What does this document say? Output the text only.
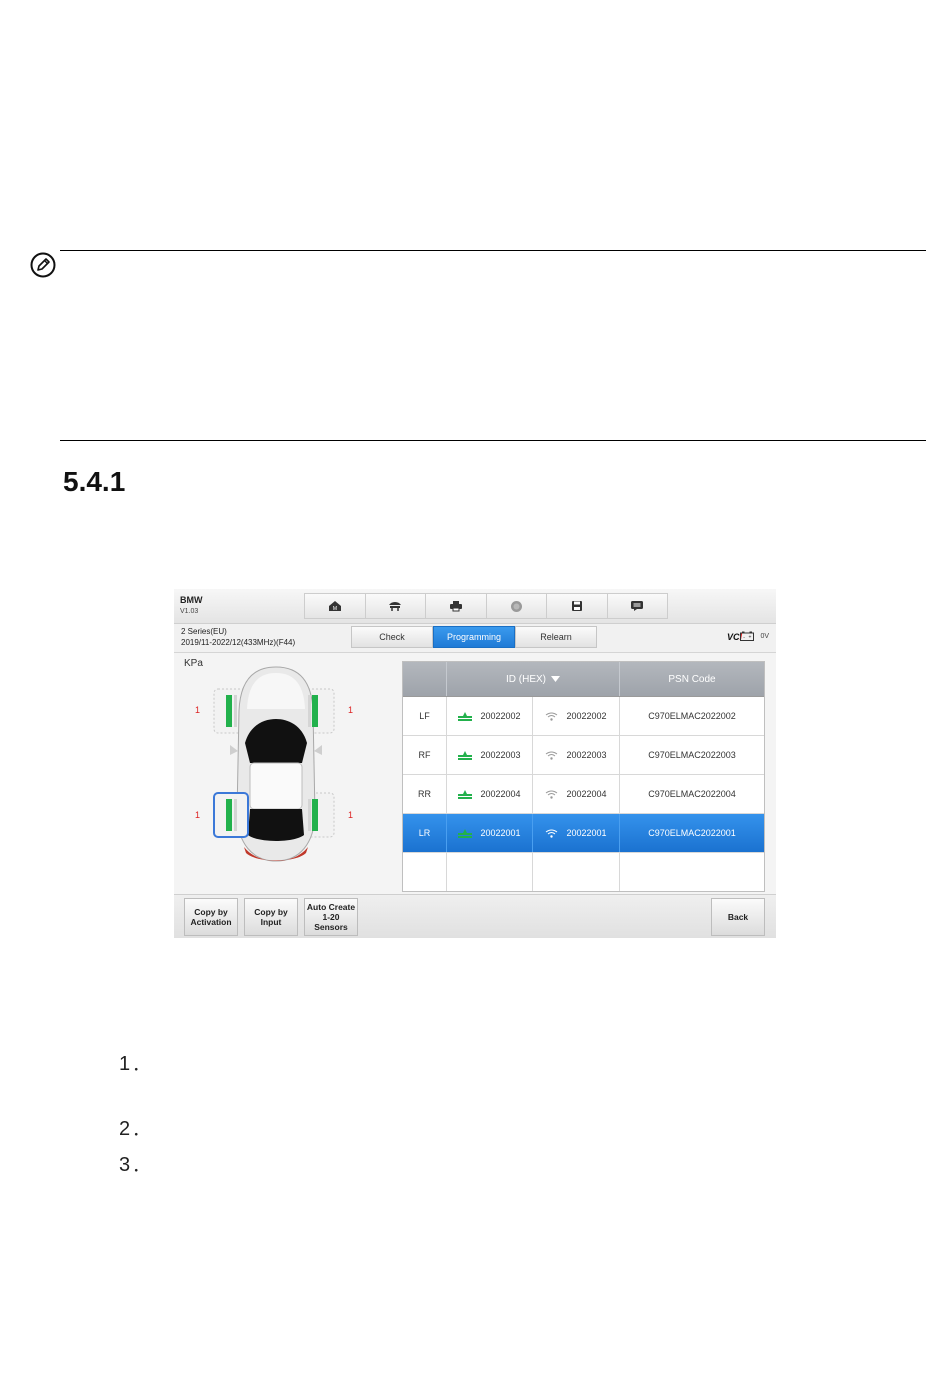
5.4.1
BMW
V1.03	M
2 Series(EU)
2019/11-2022/12(433MHz)(F44)
Check	Programming	Relearn	VCI - + 0V
KPa
1	1
1	1
ID (HEX)	PSN Code
LF	20022002	20022002	C970ELMAC2022002
RF	20022003	20022003	C970ELMAC2022003
RR	20022004	20022004	C970ELMAC2022004
LR	20022001	20022001	C970ELMAC2022001
Copy by
Activation
Copy by
Input
Auto Create
1-20
Sensors
Back
1．
2．
3．
